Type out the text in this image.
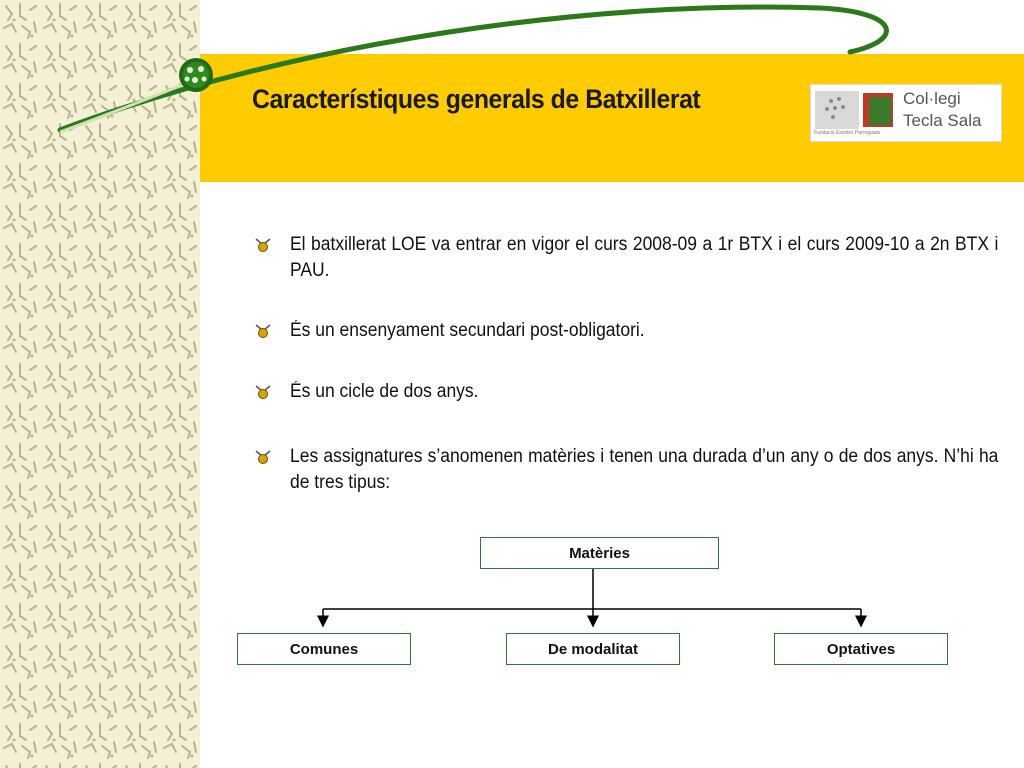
Característiques generals de Batxillerat	Col·legi
Tecla Sala
Fundació Escoles Parroquials
El batxillerat LOE va entrar en vigor el curs 2008-09 a 1r BTX i el curs 2009-10 a 2n BTX i PAU.
És un ensenyament secundari post-obligatori.
És un cicle de dos anys.
Les assignatures s’anomenen matèries i tenen una durada d’un any o de dos anys. N’hi ha de tres tipus:
Matèries
Comunes	De modalitat	Optatives
